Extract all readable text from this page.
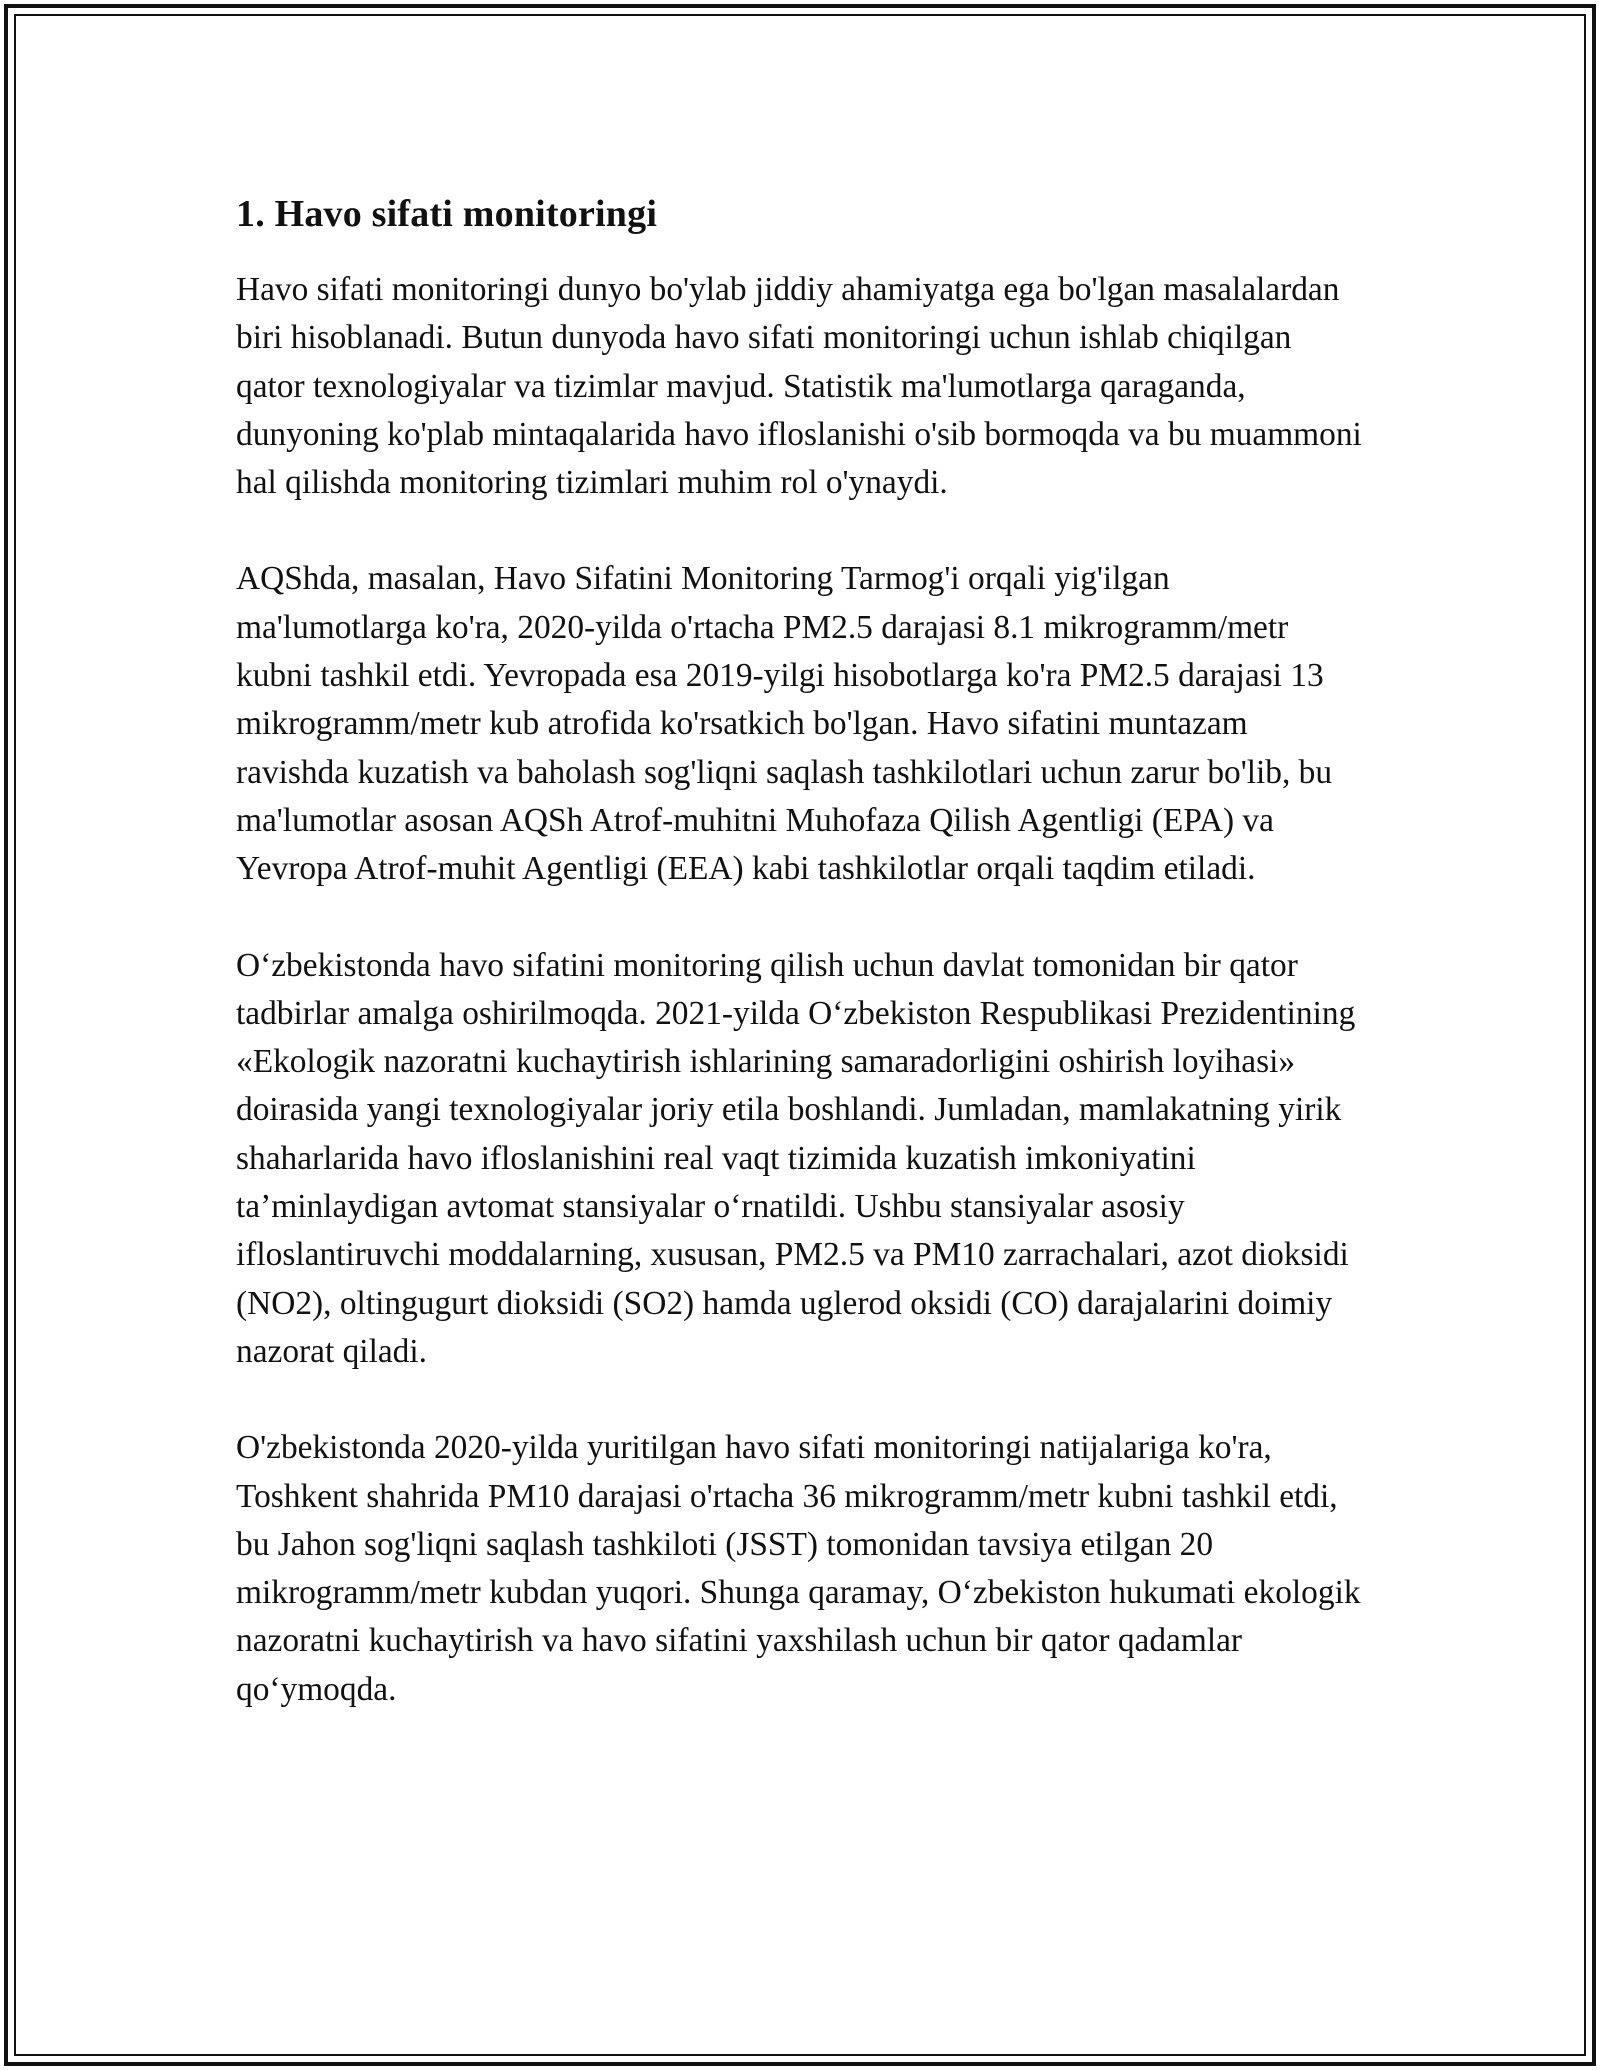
1. Havo sifati monitoringi

Havo sifati monitoringi dunyo bo'ylab jiddiy ahamiyatga ega bo'lgan masalalardan biri hisoblanadi. Butun dunyoda havo sifati monitoringi uchun ishlab chiqilgan qator texnologiyalar va tizimlar mavjud. Statistik ma'lumotlarga qaraganda, dunyoning ko'plab mintaqalarida havo ifloslanishi o'sib bormoqda va bu muammoni hal qilishda monitoring tizimlari muhim rol o'ynaydi.

AQShda, masalan, Havo Sifatini Monitoring Tarmog'i orqali yig'ilgan ma'lumotlarga ko'ra, 2020-yilda o'rtacha PM2.5 darajasi 8.1 mikrogramm/metr kubni tashkil etdi. Yevropada esa 2019-yilgi hisobotlarga ko'ra PM2.5 darajasi 13 mikrogramm/metr kub atrofida ko'rsatkich bo'lgan. Havo sifatini muntazam ravishda kuzatish va baholash sog'liqni saqlash tashkilotlari uchun zarur bo'lib, bu ma'lumotlar asosan AQSh Atrof-muhitni Muhofaza Qilish Agentligi (EPA) va Yevropa Atrof-muhit Agentligi (EEA) kabi tashkilotlar orqali taqdim etiladi.

O‘zbekistonda havo sifatini monitoring qilish uchun davlat tomonidan bir qator tadbirlar amalga oshirilmoqda. 2021-yilda O‘zbekiston Respublikasi Prezidentining «Ekologik nazoratni kuchaytirish ishlarining samaradorligini oshirish loyihasi» doirasida yangi texnologiyalar joriy etila boshlandi. Jumladan, mamlakatning yirik shaharlarida havo ifloslanishini real vaqt tizimida kuzatish imkoniyatini ta’minlaydigan avtomat stansiyalar o‘rnatildi. Ushbu stansiyalar asosiy ifloslantiruvchi moddalarning, xususan, PM2.5 va PM10 zarrachalari, azot dioksidi (NO2), oltingugurt dioksidi (SO2) hamda uglerod oksidi (CO) darajalarini doimiy nazorat qiladi.

O'zbekistonda 2020-yilda yuritilgan havo sifati monitoringi natijalariga ko'ra, Toshkent shahrida PM10 darajasi o'rtacha 36 mikrogramm/metr kubni tashkil etdi, bu Jahon sog'liqni saqlash tashkiloti (JSST) tomonidan tavsiya etilgan 20 mikrogramm/metr kubdan yuqori. Shunga qaramay, O‘zbekiston hukumati ekologik nazoratni kuchaytirish va havo sifatini yaxshilash uchun bir qator qadamlar qo‘ymoqda.
